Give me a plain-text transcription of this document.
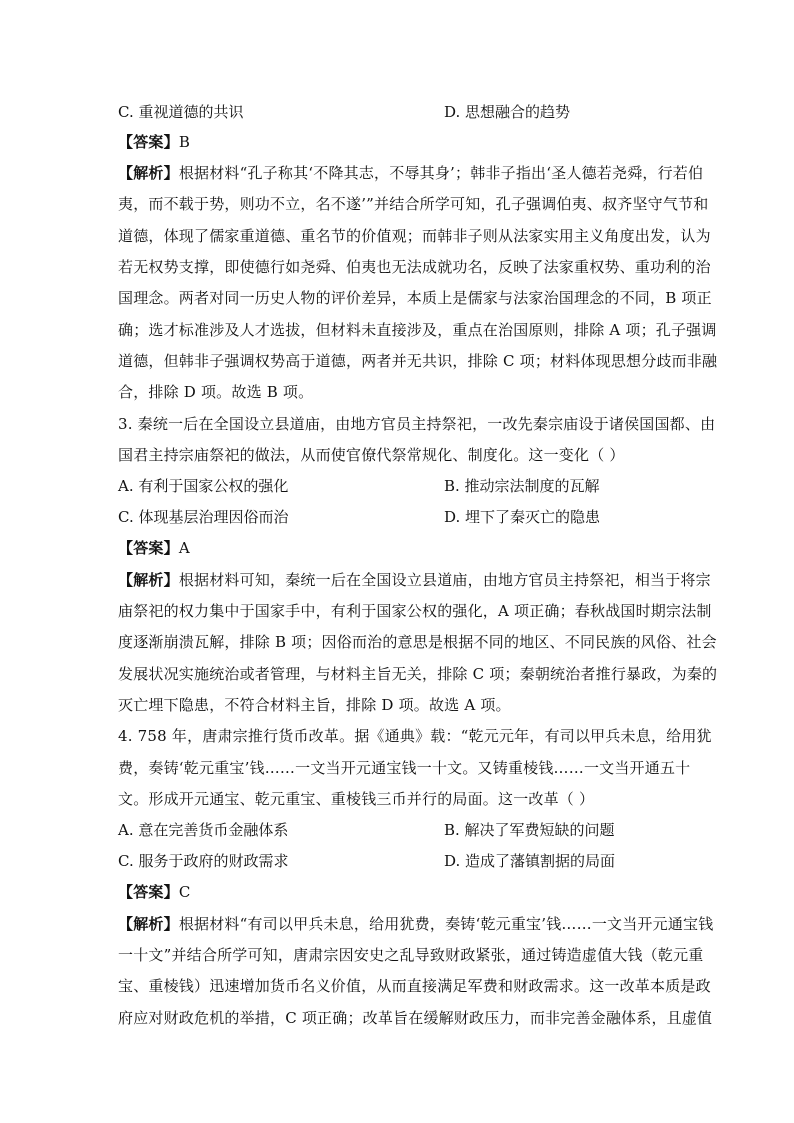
C. 重视道德的共识	D. 思想融合的趋势
【答案】B
【解析】根据材料“孔子称其‘不降其志，不辱其身’；韩非子指出‘圣人德若尧舜，行若伯
夷，而不载于势，则功不立，名不遂’”并结合所学可知，孔子强调伯夷、叔齐坚守气节和
道德，体现了儒家重道德、重名节的价值观；而韩非子则从法家实用主义角度出发，认为
若无权势支撑，即使德行如尧舜、伯夷也无法成就功名，反映了法家重权势、重功利的治
国理念。两者对同一历史人物的评价差异，本质上是儒家与法家治国理念的不同，B 项正
确；选才标准涉及人才选拔，但材料未直接涉及，重点在治国原则，排除 A 项；孔子强调
道德，但韩非子强调权势高于道德，两者并无共识，排除 C 项；材料体现思想分歧而非融
合，排除 D 项。故选 B 项。
3. 秦统一后在全国设立县道庙，由地方官员主持祭祀，一改先秦宗庙设于诸侯国国都、由
国君主持宗庙祭祀的做法，从而使官僚代祭常规化、制度化。这一变化（ ）
A. 有利于国家公权的强化	B. 推动宗法制度的瓦解
C. 体现基层治理因俗而治	D. 埋下了秦灭亡的隐患
【答案】A
【解析】根据材料可知，秦统一后在全国设立县道庙，由地方官员主持祭祀，相当于将宗
庙祭祀的权力集中于国家手中，有利于国家公权的强化，A 项正确；春秋战国时期宗法制
度逐渐崩溃瓦解，排除 B 项；因俗而治的意思是根据不同的地区、不同民族的风俗、社会
发展状况实施统治或者管理，与材料主旨无关，排除 C 项；秦朝统治者推行暴政，为秦的
灭亡埋下隐患，不符合材料主旨，排除 D 项。故选 A 项。
4. 758 年，唐肃宗推行货币改革。据《通典》载：“乾元元年，有司以甲兵未息，给用犹
费，奏铸‘乾元重宝’钱……一文当开元通宝钱一十文。又铸重棱钱……一文当开通五十
文。形成开元通宝、乾元重宝、重棱钱三币并行的局面。这一改革（ ）
A. 意在完善货币金融体系	B. 解决了军费短缺的问题
C. 服务于政府的财政需求	D. 造成了藩镇割据的局面
【答案】C
【解析】根据材料“有司以甲兵未息，给用犹费，奏铸‘乾元重宝’钱……一文当开元通宝钱
一十文”并结合所学可知，唐肃宗因安史之乱导致财政紧张，通过铸造虚值大钱（乾元重
宝、重棱钱）迅速增加货币名义价值，从而直接满足军费和财政需求。这一改革本质是政
府应对财政危机的举措，C 项正确；改革旨在缓解财政压力，而非完善金融体系，且虚值
